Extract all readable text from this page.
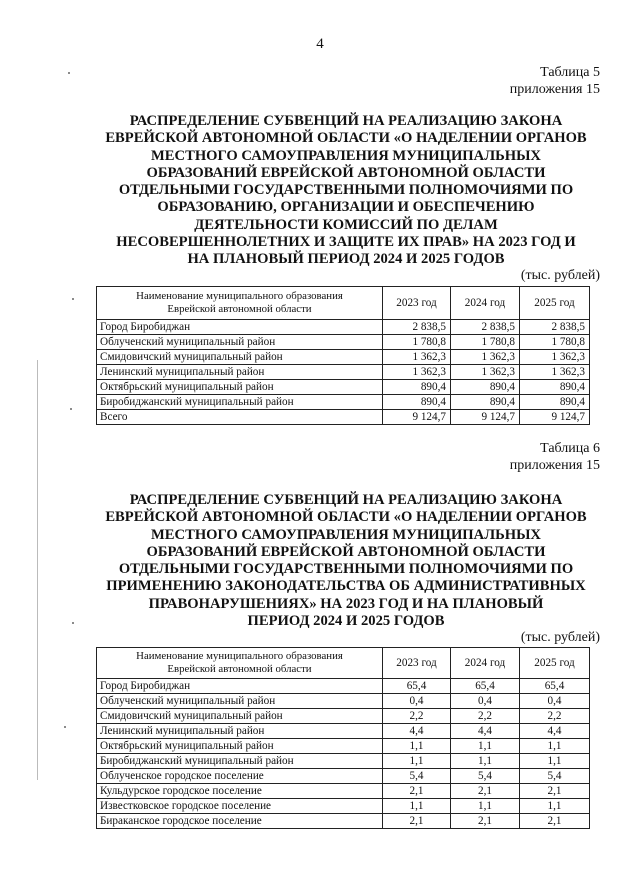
4
Таблица 5
приложения 15
РАСПРЕДЕЛЕНИЕ СУБВЕНЦИЙ НА РЕАЛИЗАЦИЮ ЗАКОНА
ЕВРЕЙСКОЙ АВТОНОМНОЙ ОБЛАСТИ «О НАДЕЛЕНИИ ОРГАНОВ
МЕСТНОГО САМОУПРАВЛЕНИЯ МУНИЦИПАЛЬНЫХ
ОБРАЗОВАНИЙ ЕВРЕЙСКОЙ АВТОНОМНОЙ ОБЛАСТИ
ОТДЕЛЬНЫМИ ГОСУДАРСТВЕННЫМИ ПОЛНОМОЧИЯМИ ПО
ОБРАЗОВАНИЮ, ОРГАНИЗАЦИИ И ОБЕСПЕЧЕНИЮ
ДЕЯТЕЛЬНОСТИ КОМИССИЙ ПО ДЕЛАМ
НЕСОВЕРШЕННОЛЕТНИХ И ЗАЩИТЕ ИХ ПРАВ» НА 2023 ГОД И
НА ПЛАНОВЫЙ ПЕРИОД 2024 И 2025 ГОДОВ
(тыс. рублей)
Наименование муниципального образования
Еврейской автономной области	2023 год	2024 год	2025 год
Город Биробиджан	2 838,5	2 838,5	2 838,5
Облученский муниципальный район	1 780,8	1 780,8	1 780,8
Смидовичский муниципальный район	1 362,3	1 362,3	1 362,3
Ленинский муниципальный район	1 362,3	1 362,3	1 362,3
Октябрьский муниципальный район	890,4	890,4	890,4
Биробиджанский муниципальный район	890,4	890,4	890,4
Всего	9 124,7	9 124,7	9 124,7
Таблица 6
приложения 15
РАСПРЕДЕЛЕНИЕ СУБВЕНЦИЙ НА РЕАЛИЗАЦИЮ ЗАКОНА
ЕВРЕЙСКОЙ АВТОНОМНОЙ ОБЛАСТИ «О НАДЕЛЕНИИ ОРГАНОВ
МЕСТНОГО САМОУПРАВЛЕНИЯ МУНИЦИПАЛЬНЫХ
ОБРАЗОВАНИЙ ЕВРЕЙСКОЙ АВТОНОМНОЙ ОБЛАСТИ
ОТДЕЛЬНЫМИ ГОСУДАРСТВЕННЫМИ ПОЛНОМОЧИЯМИ ПО
ПРИМЕНЕНИЮ ЗАКОНОДАТЕЛЬСТВА ОБ АДМИНИСТРАТИВНЫХ
ПРАВОНАРУШЕНИЯХ» НА 2023 ГОД И НА ПЛАНОВЫЙ
ПЕРИОД 2024 И 2025 ГОДОВ
(тыс. рублей)
Наименование муниципального образования
Еврейской автономной области	2023 год	2024 год	2025 год
Город Биробиджан	65,4	65,4	65,4
Облученский муниципальный район	0,4	0,4	0,4
Смидовичский муниципальный район	2,2	2,2	2,2
Ленинский муниципальный район	4,4	4,4	4,4
Октябрьский муниципальный район	1,1	1,1	1,1
Биробиджанский муниципальный район	1,1	1,1	1,1
Облученское городское поселение	5,4	5,4	5,4
Кульдурское городское поселение	2,1	2,1	2,1
Известковское городское поселение	1,1	1,1	1,1
Бираканское городское поселение	2,1	2,1	2,1
